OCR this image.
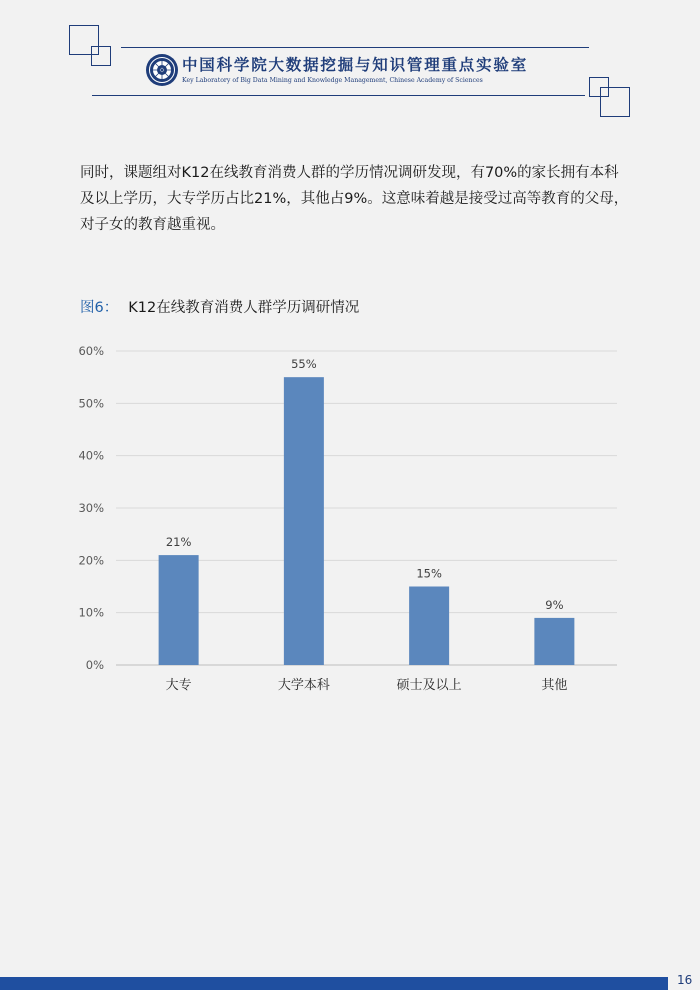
中国科学院大数据挖掘与知识管理重点实验室
Key Laboratory of Big Data Mining and Knowledge Management, Chinese Academy of Sciences
同时，课题组对K12在线教育消费人群的学历情况调研发现，有70%的家长拥有本科及以上学历，大专学历占比21%，其他占9%。这意味着越是接受过高等教育的父母，对子女的教育越重视。
图6： K12在线教育消费人群学历调研情况
0%
10%
20%
30%
40%
50%
60%
21%
大专
55%
大学本科
15%
硕士及以上
9%
其他
16
